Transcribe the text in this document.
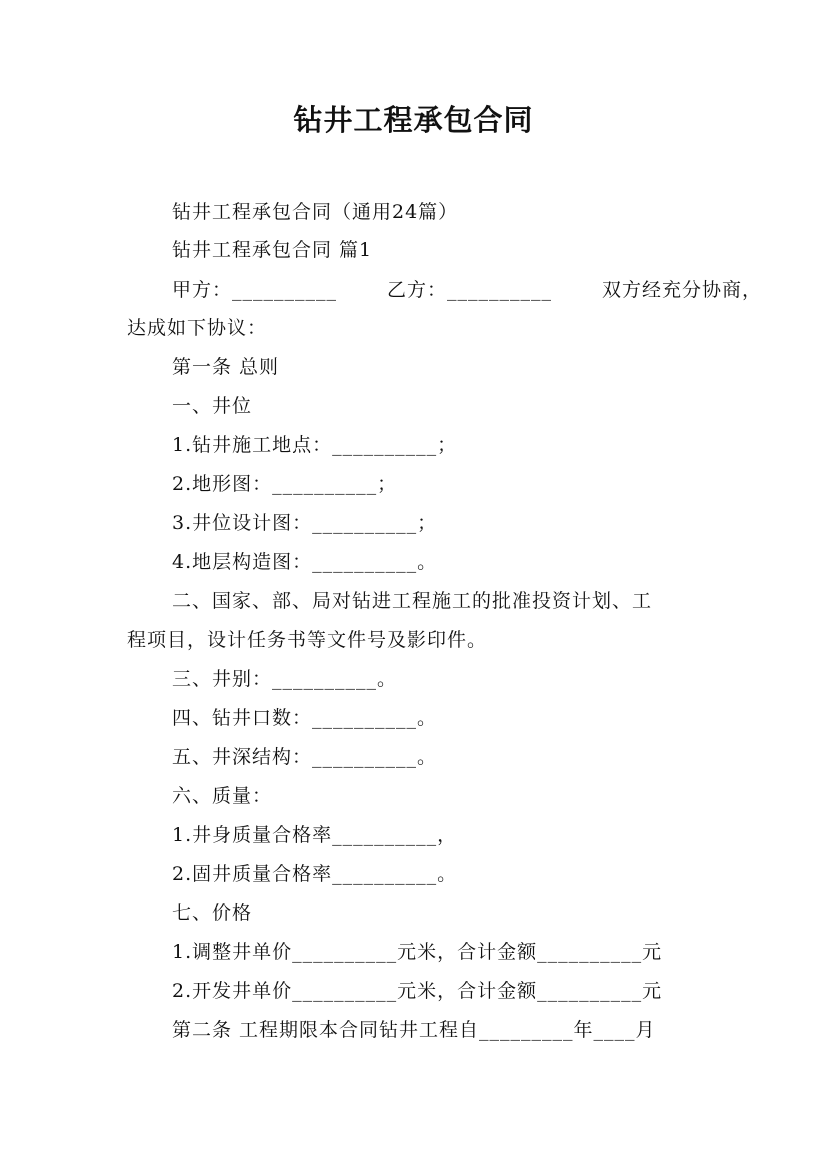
钻井工程承包合同
钻井工程承包合同（通用24篇）
钻井工程承包合同 篇1
甲方：__________	乙方：__________	双方经充分协商，
达成如下协议：
第一条 总则
一、井位
1.钻井施工地点：__________；
2.地形图：__________；
3.井位设计图：__________；
4.地层构造图：__________。
二、国家、部、局对钻进工程施工的批准投资计划、工
程项目，设计任务书等文件号及影印件。
三、井别：__________。
四、钻井口数：__________。
五、井深结构：__________。
六、质量：
1.井身质量合格率__________，
2.固井质量合格率__________。
七、价格
1.调整井单价__________元米，合计金额__________元
2.开发井单价__________元米，合计金额__________元
第二条 工程期限本合同钻井工程自_________年____月
